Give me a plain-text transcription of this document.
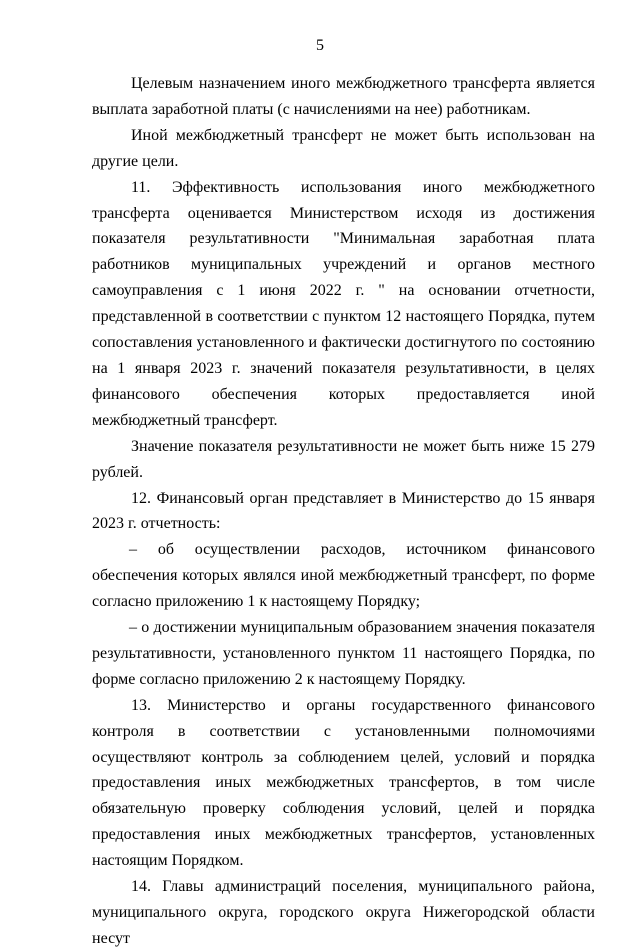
5

Целевым назначением иного межбюджетного трансферта является выплата заработной платы (с начислениями на нее) работникам.

Иной межбюджетный трансферт не может быть использован на другие цели.

11. Эффективность использования иного межбюджетного трансферта оценивается Министерством исходя из достижения показателя результативности "Минимальная заработная плата работников муниципальных учреждений и органов местного самоуправления с 1 июня 2022 г. " на основании отчетности, представленной в соответствии с пунктом 12 настоящего Порядка, путем сопоставления установленного и фактически достигнутого по состоянию на 1 января 2023 г. значений показателя результативности, в целях финансового обеспечения которых предоставляется иной межбюджетный трансферт.

Значение показателя результативности не может быть ниже 15 279 рублей.

12. Финансовый орган представляет в Министерство до 15 января 2023 г. отчетность:

– об осуществлении расходов, источником финансового обеспечения которых являлся иной межбюджетный трансферт, по форме согласно приложению 1 к настоящему Порядку;

– о достижении муниципальным образованием значения показателя результативности, установленного пунктом 11 настоящего Порядка, по форме согласно приложению 2 к настоящему Порядку.

13. Министерство и органы государственного финансового контроля в соответствии с установленными полномочиями осуществляют контроль за соблюдением целей, условий и порядка предоставления иных межбюджетных трансфертов, в том числе обязательную проверку соблюдения условий, целей и порядка предоставления иных межбюджетных трансфертов, установленных настоящим Порядком.

14. Главы администраций поселения, муниципального района, муниципального округа, городского округа Нижегородской области несут
